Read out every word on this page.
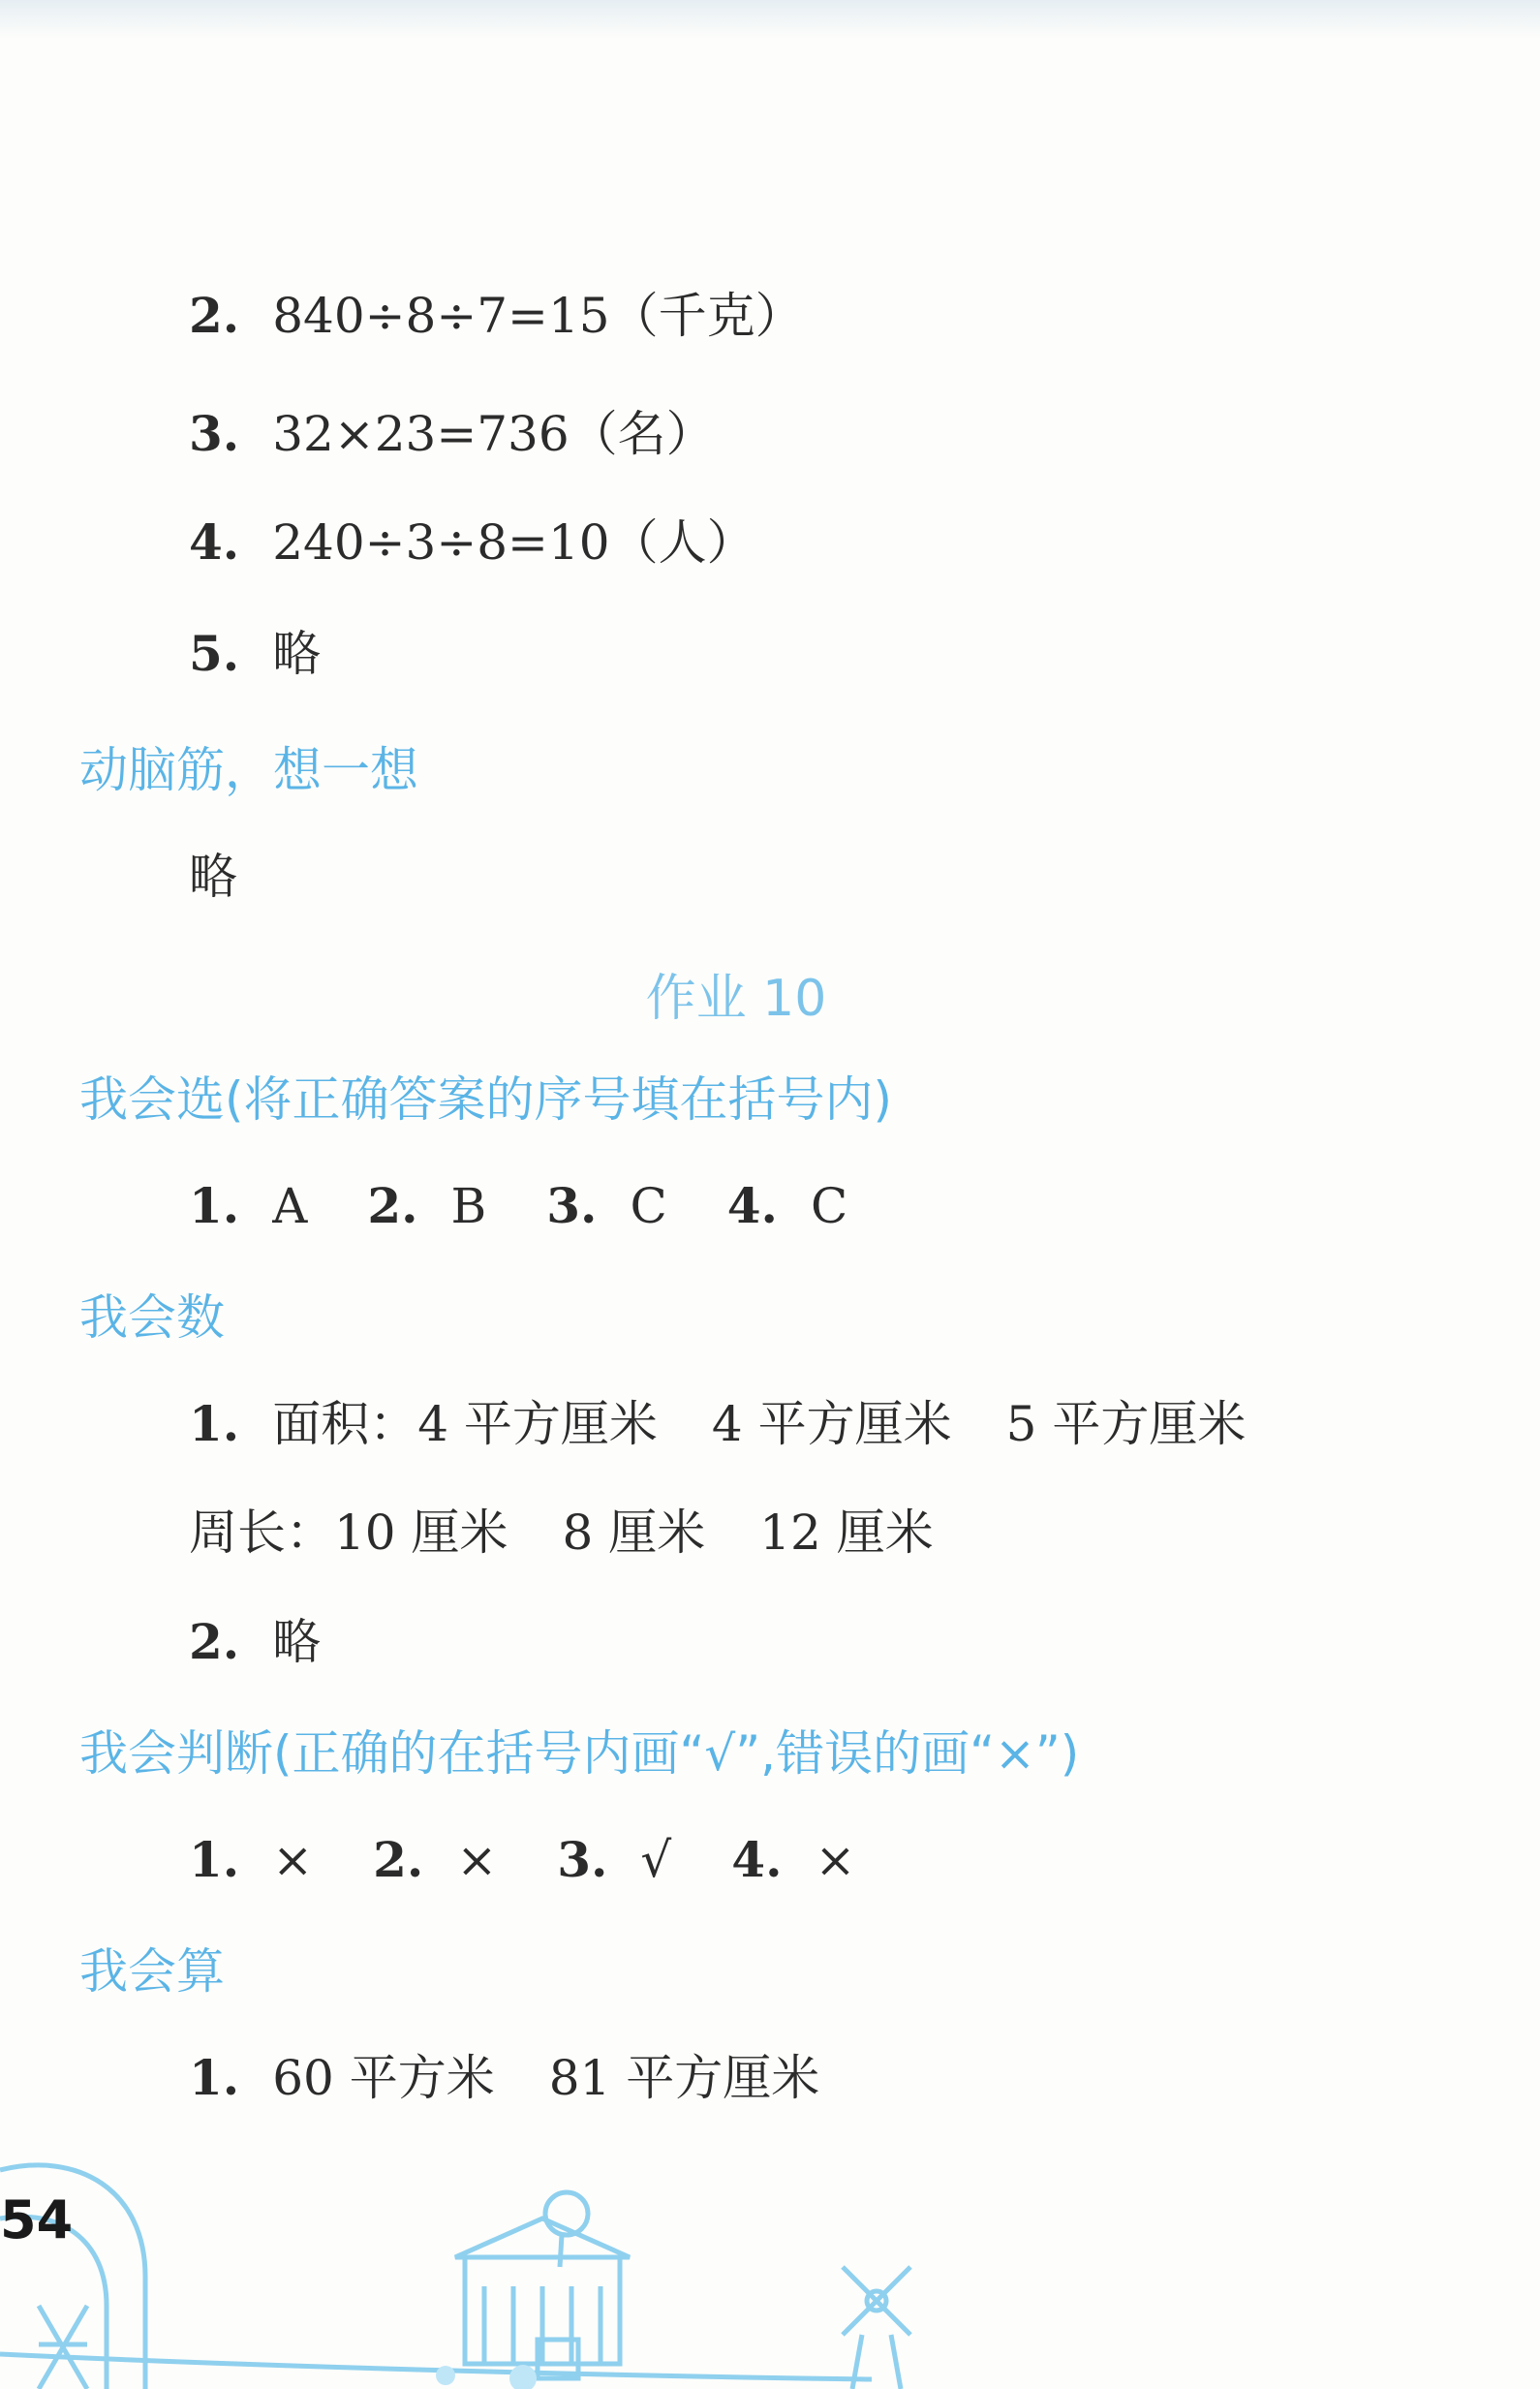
2. 840÷8÷7=15（千克）
3. 32×23=736（名）
4. 240÷3÷8=10（人）
5. 略
动脑筋，想一想
略
作业 10
我会选(将正确答案的序号填在括号内)
1. A 2. B 3. C 4. C
我会数
1. 面积：4 平方厘米 4 平方厘米 5 平方厘米
周长：10 厘米 8 厘米 12 厘米
2. 略
我会判断(正确的在括号内画“√”,错误的画“×”)
1. × 2. × 3. √ 4. ×
我会算
1. 60 平方米 81 平方厘米
54
